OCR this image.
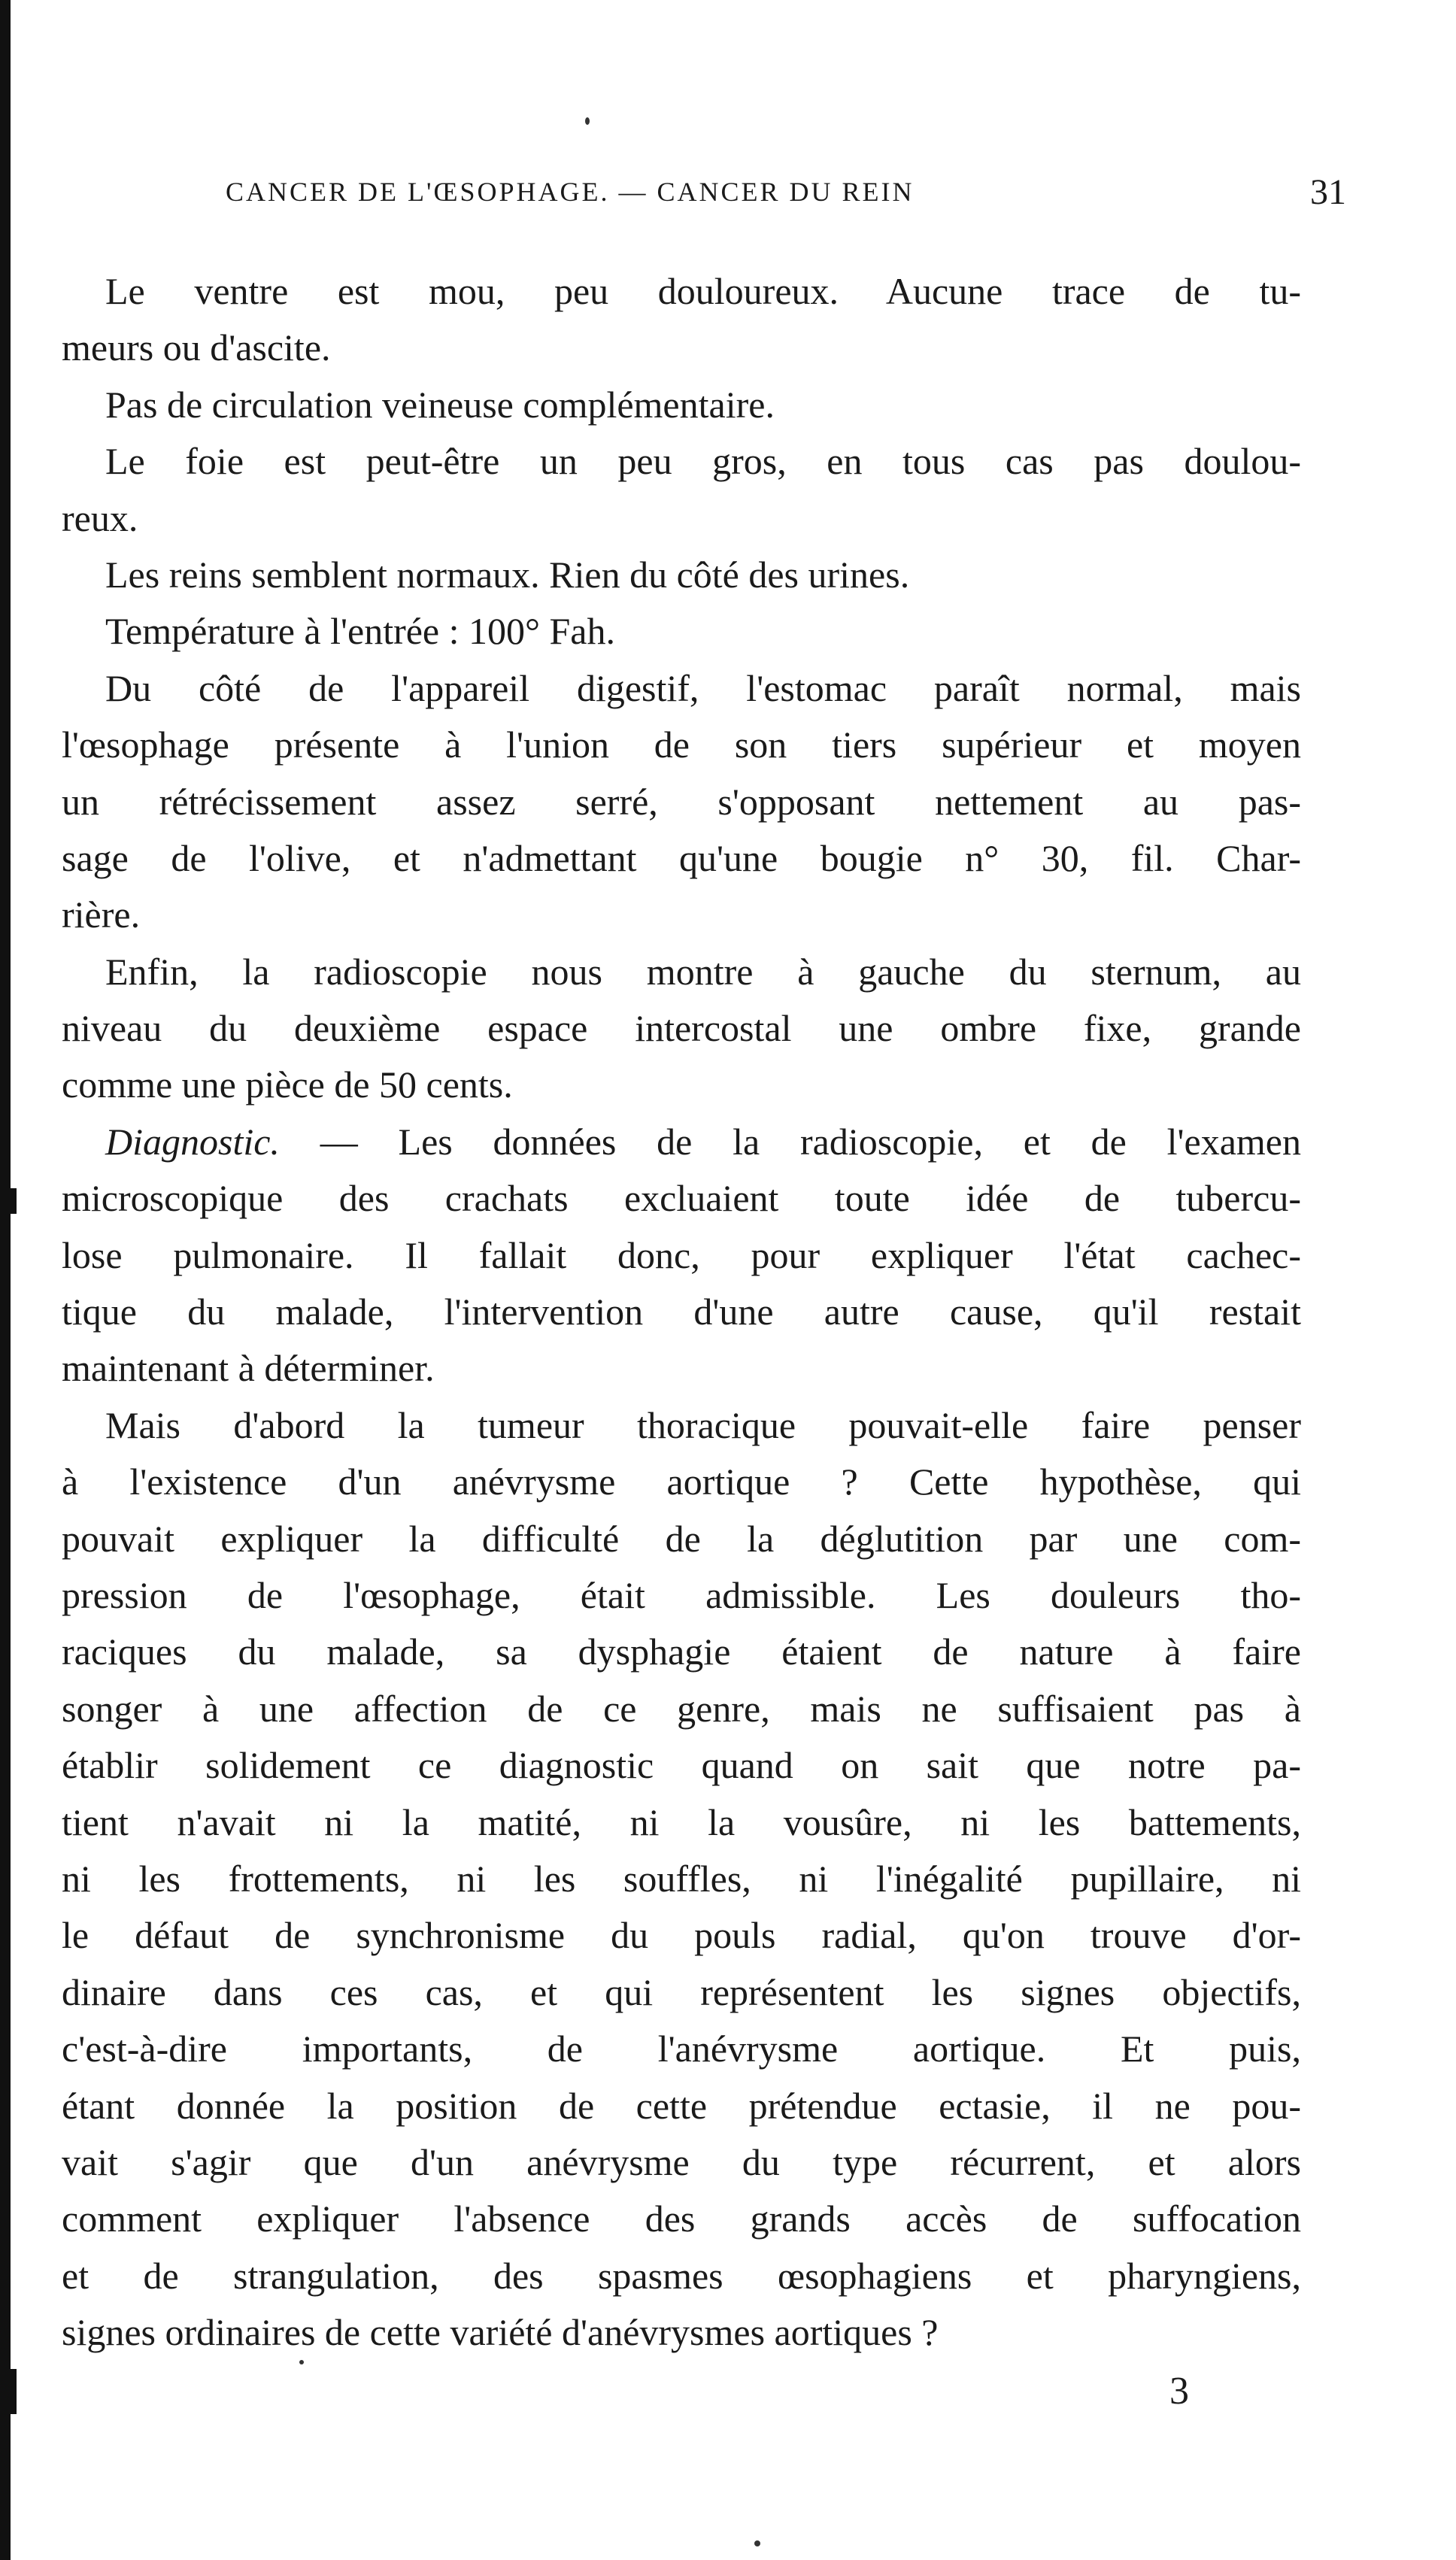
CANCER DE L'ŒSOPHAGE. — CANCER DU REIN	31
Le ventre est mou, peu douloureux. Aucune trace de tu-
meurs ou d'ascite.
Pas de circulation veineuse complémentaire.
Le foie est peut-être un peu gros, en tous cas pas doulou-
reux.
Les reins semblent normaux. Rien du côté des urines.
Température à l'entrée : 100° Fah.
Du côté de l'appareil digestif, l'estomac paraît normal, mais
l'œsophage présente à l'union de son tiers supérieur et moyen
un rétrécissement assez serré, s'opposant nettement au pas-
sage de l'olive, et n'admettant qu'une bougie n° 30, fil. Char-
rière.
Enfin, la radioscopie nous montre à gauche du sternum, au
niveau du deuxième espace intercostal une ombre fixe, grande
comme une pièce de 50 cents.
Diagnostic. — Les données de la radioscopie, et de l'examen
microscopique des crachats excluaient toute idée de tubercu-
lose pulmonaire. Il fallait donc, pour expliquer l'état cachec-
tique du malade, l'intervention d'une autre cause, qu'il restait
maintenant à déterminer.
Mais d'abord la tumeur thoracique pouvait-elle faire penser
à l'existence d'un anévrysme aortique ? Cette hypothèse, qui
pouvait expliquer la difficulté de la déglutition par une com-
pression de l'œsophage, était admissible. Les douleurs tho-
raciques du malade, sa dysphagie étaient de nature à faire
songer à une affection de ce genre, mais ne suffisaient pas à
établir solidement ce diagnostic quand on sait que notre pa-
tient n'avait ni la matité, ni la vousûre, ni les battements,
ni les frottements, ni les souffles, ni l'inégalité pupillaire, ni
le défaut de synchronisme du pouls radial, qu'on trouve d'or-
dinaire dans ces cas, et qui représentent les signes objectifs,
c'est-à-dire importants, de l'anévrysme aortique. Et puis,
étant donnée la position de cette prétendue ectasie, il ne pou-
vait s'agir que d'un anévrysme du type récurrent, et alors
comment expliquer l'absence des grands accès de suffocation
et de strangulation, des spasmes œsophagiens et pharyngiens,
signes ordinaires de cette variété d'anévrysmes aortiques ?
3
